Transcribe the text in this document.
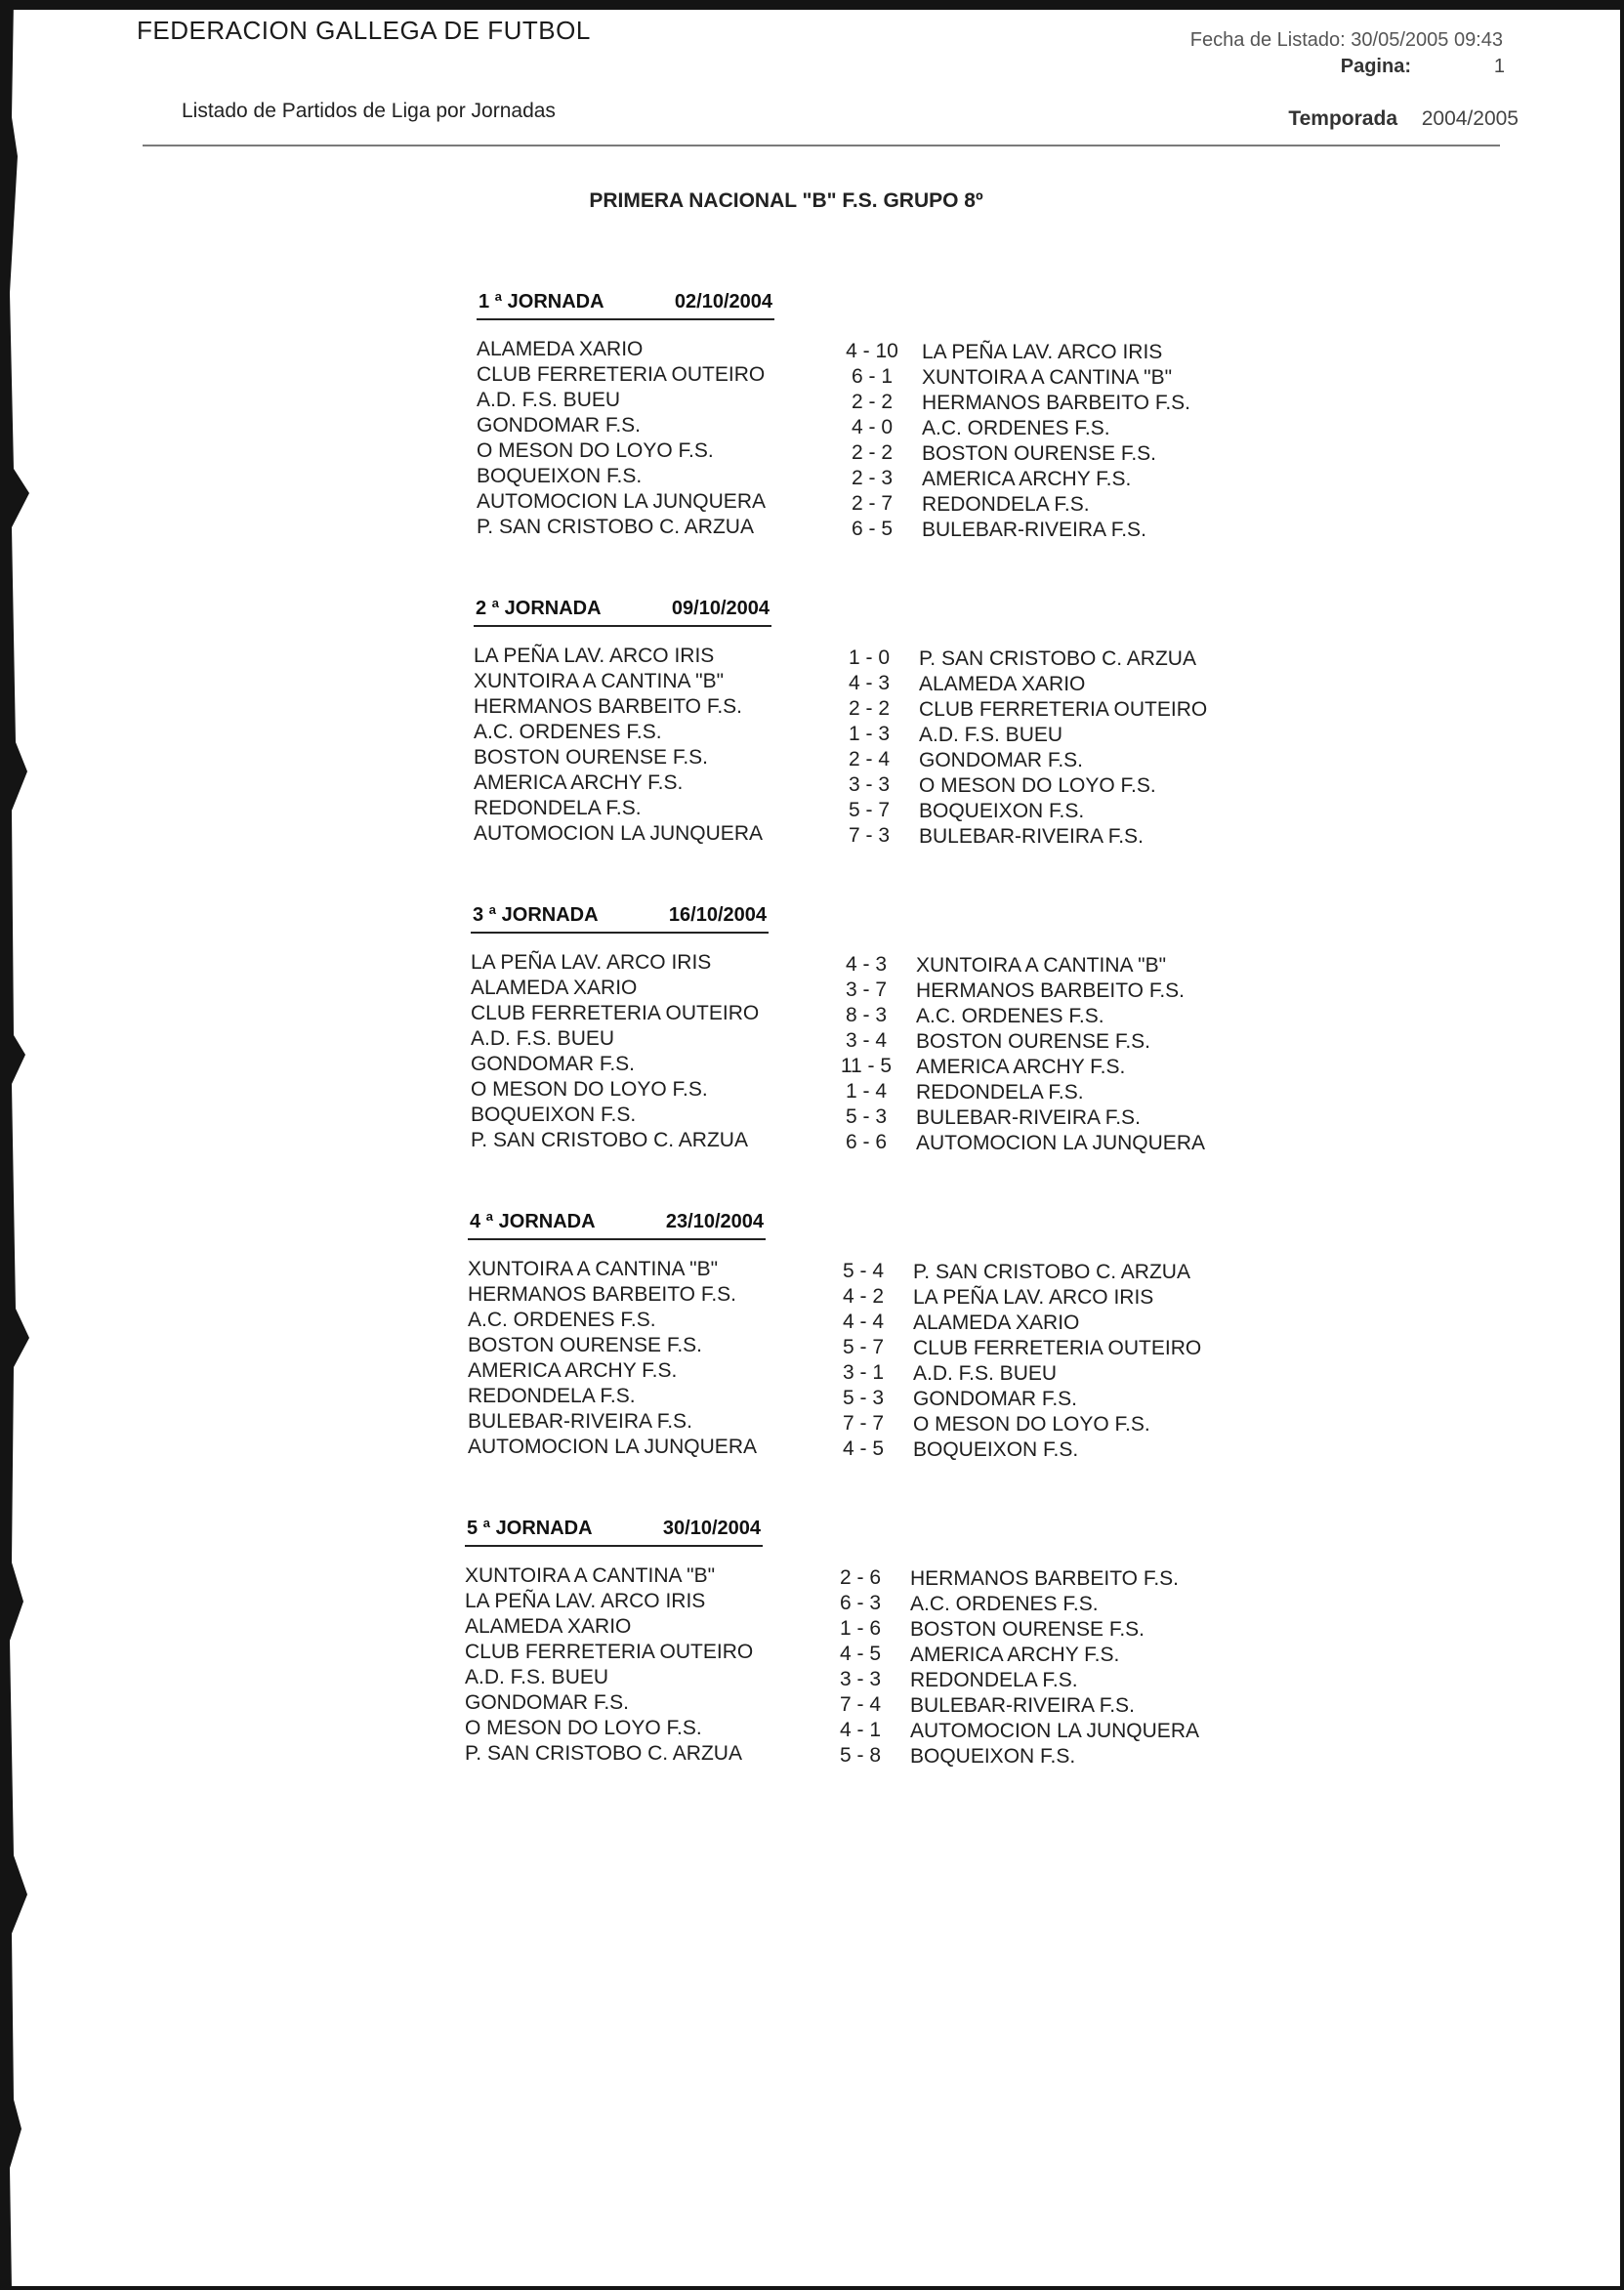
FEDERACION GALLEGA DE FUTBOL
Listado de Partidos de Liga por Jornadas
Fecha de Listado: 30/05/2005 09:43
Pagina:	1
Temporada 2004/2005
PRIMERA NACIONAL "B" F.S. GRUPO 8º
1 ª JORNADA	02/10/2004
ALAMEDA XARIO	4 - 10	LA PEÑA LAV. ARCO IRIS
CLUB FERRETERIA OUTEIRO	6 - 1	XUNTOIRA A CANTINA "B"
A.D. F.S. BUEU	2 - 2	HERMANOS BARBEITO F.S.
GONDOMAR F.S.	4 - 0	A.C. ORDENES F.S.
O MESON DO LOYO F.S.	2 - 2	BOSTON OURENSE F.S.
BOQUEIXON F.S.	2 - 3	AMERICA ARCHY F.S.
AUTOMOCION LA JUNQUERA	2 - 7	REDONDELA F.S.
P. SAN CRISTOBO C. ARZUA	6 - 5	BULEBAR-RIVEIRA F.S.
2 ª JORNADA	09/10/2004
LA PEÑA LAV. ARCO IRIS	1 - 0	P. SAN CRISTOBO C. ARZUA
XUNTOIRA A CANTINA "B"	4 - 3	ALAMEDA XARIO
HERMANOS BARBEITO F.S.	2 - 2	CLUB FERRETERIA OUTEIRO
A.C. ORDENES F.S.	1 - 3	A.D. F.S. BUEU
BOSTON OURENSE F.S.	2 - 4	GONDOMAR F.S.
AMERICA ARCHY F.S.	3 - 3	O MESON DO LOYO F.S.
REDONDELA F.S.	5 - 7	BOQUEIXON F.S.
AUTOMOCION LA JUNQUERA	7 - 3	BULEBAR-RIVEIRA F.S.
3 ª JORNADA	16/10/2004
LA PEÑA LAV. ARCO IRIS	4 - 3	XUNTOIRA A CANTINA "B"
ALAMEDA XARIO	3 - 7	HERMANOS BARBEITO F.S.
CLUB FERRETERIA OUTEIRO	8 - 3	A.C. ORDENES F.S.
A.D. F.S. BUEU	3 - 4	BOSTON OURENSE F.S.
GONDOMAR F.S.	11 - 5	AMERICA ARCHY F.S.
O MESON DO LOYO F.S.	1 - 4	REDONDELA F.S.
BOQUEIXON F.S.	5 - 3	BULEBAR-RIVEIRA F.S.
P. SAN CRISTOBO C. ARZUA	6 - 6	AUTOMOCION LA JUNQUERA
4 ª JORNADA	23/10/2004
XUNTOIRA A CANTINA "B"	5 - 4	P. SAN CRISTOBO C. ARZUA
HERMANOS BARBEITO F.S.	4 - 2	LA PEÑA LAV. ARCO IRIS
A.C. ORDENES F.S.	4 - 4	ALAMEDA XARIO
BOSTON OURENSE F.S.	5 - 7	CLUB FERRETERIA OUTEIRO
AMERICA ARCHY F.S.	3 - 1	A.D. F.S. BUEU
REDONDELA F.S.	5 - 3	GONDOMAR F.S.
BULEBAR-RIVEIRA F.S.	7 - 7	O MESON DO LOYO F.S.
AUTOMOCION LA JUNQUERA	4 - 5	BOQUEIXON F.S.
5 ª JORNADA	30/10/2004
XUNTOIRA A CANTINA "B"	2 - 6	HERMANOS BARBEITO F.S.
LA PEÑA LAV. ARCO IRIS	6 - 3	A.C. ORDENES F.S.
ALAMEDA XARIO	1 - 6	BOSTON OURENSE F.S.
CLUB FERRETERIA OUTEIRO	4 - 5	AMERICA ARCHY F.S.
A.D. F.S. BUEU	3 - 3	REDONDELA F.S.
GONDOMAR F.S.	7 - 4	BULEBAR-RIVEIRA F.S.
O MESON DO LOYO F.S.	4 - 1	AUTOMOCION LA JUNQUERA
P. SAN CRISTOBO C. ARZUA	5 - 8	BOQUEIXON F.S.
